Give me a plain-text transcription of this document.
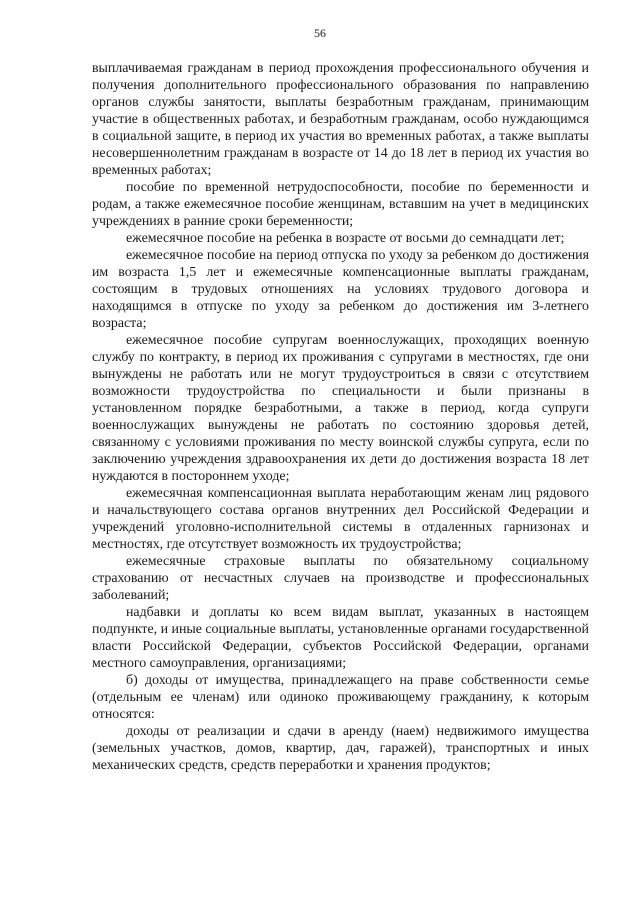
56

выплачиваемая гражданам в период прохождения профессионального обучения и получения дополнительного профессионального образования по направлению органов службы занятости, выплаты безработным гражданам, принимающим участие в общественных работах, и безработным гражданам, особо нуждающимся в социальной защите, в период их участия во временных работах, а также выплаты несовершеннолетним гражданам в возрасте от 14 до 18 лет в период их участия во временных работах;

пособие по временной нетрудоспособности, пособие по беременности и родам, а также ежемесячное пособие женщинам, вставшим на учет в медицинских учреждениях в ранние сроки беременности;

ежемесячное пособие на ребенка в возрасте от восьми до семнадцати лет;

ежемесячное пособие на период отпуска по уходу за ребенком до достижения им возраста 1,5 лет и ежемесячные компенсационные выплаты гражданам, состоящим в трудовых отношениях на условиях трудового договора и находящимся в отпуске по уходу за ребенком до достижения им 3-летнего возраста;

ежемесячное пособие супругам военнослужащих, проходящих военную службу по контракту, в период их проживания с супругами в местностях, где они вынуждены не работать или не могут трудоустроиться в связи с отсутствием возможности трудоустройства по специальности и были признаны в установленном порядке безработными, а также в период, когда супруги военнослужащих вынуждены не работать по состоянию здоровья детей, связанному с условиями проживания по месту воинской службы супруга, если по заключению учреждения здравоохранения их дети до достижения возраста 18 лет нуждаются в постороннем уходе;

ежемесячная компенсационная выплата неработающим женам лиц рядового и начальствующего состава органов внутренних дел Российской Федерации и учреждений уголовно-исполнительной системы в отдаленных гарнизонах и местностях, где отсутствует возможность их трудоустройства;

ежемесячные страховые выплаты по обязательному социальному страхованию от несчастных случаев на производстве и профессиональных заболеваний;

надбавки и доплаты ко всем видам выплат, указанных в настоящем подпункте, и иные социальные выплаты, установленные органами государственной власти Российской Федерации, субъектов Российской Федерации, органами местного самоуправления, организациями;

б) доходы от имущества, принадлежащего на праве собственности семье (отдельным ее членам) или одиноко проживающему гражданину, к которым относятся:

доходы от реализации и сдачи в аренду (наем) недвижимого имущества (земельных участков, домов, квартир, дач, гаражей), транспортных и иных механических средств, средств переработки и хранения продуктов;
